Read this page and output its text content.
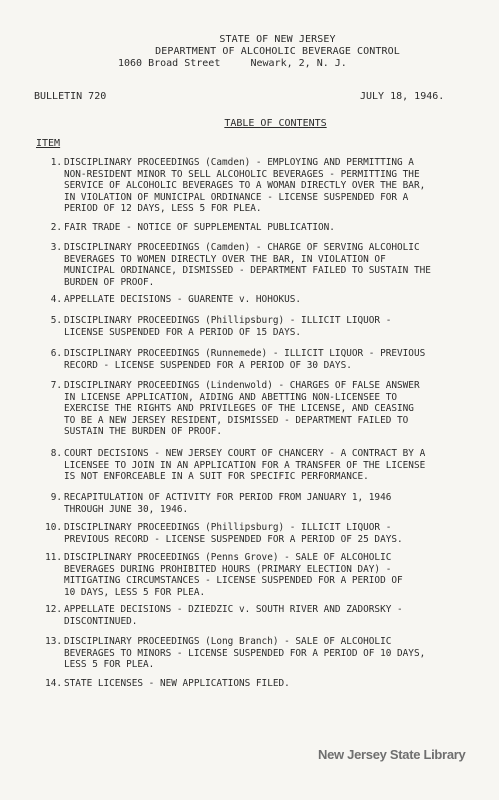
STATE OF NEW JERSEY
DEPARTMENT OF ALCOHOLIC BEVERAGE CONTROL
1060 Broad Street	Newark, 2, N. J.
BULLETIN 720	JULY 18, 1946.
TABLE OF CONTENTS
ITEM
1. DISCIPLINARY PROCEEDINGS (Camden) - EMPLOYING AND PERMITTING A
NON-RESIDENT MINOR TO SELL ALCOHOLIC BEVERAGES - PERMITTING THE
SERVICE OF ALCOHOLIC BEVERAGES TO A WOMAN DIRECTLY OVER THE BAR,
IN VIOLATION OF MUNICIPAL ORDINANCE - LICENSE SUSPENDED FOR A
PERIOD OF 12 DAYS, LESS 5 FOR PLEA.
2. FAIR TRADE - NOTICE OF SUPPLEMENTAL PUBLICATION.
3. DISCIPLINARY PROCEEDINGS (Camden) - CHARGE OF SERVING ALCOHOLIC
BEVERAGES TO WOMEN DIRECTLY OVER THE BAR, IN VIOLATION OF
MUNICIPAL ORDINANCE, DISMISSED - DEPARTMENT FAILED TO SUSTAIN THE
BURDEN OF PROOF.
4. APPELLATE DECISIONS - GUARENTE v. HOHOKUS.
5. DISCIPLINARY PROCEEDINGS (Phillipsburg) - ILLICIT LIQUOR -
LICENSE SUSPENDED FOR A PERIOD OF 15 DAYS.
6. DISCIPLINARY PROCEEDINGS (Runnemede) - ILLICIT LIQUOR - PREVIOUS
RECORD - LICENSE SUSPENDED FOR A PERIOD OF 30 DAYS.
7. DISCIPLINARY PROCEEDINGS (Lindenwold) - CHARGES OF FALSE ANSWER
IN LICENSE APPLICATION, AIDING AND ABETTING NON-LICENSEE TO
EXERCISE THE RIGHTS AND PRIVILEGES OF THE LICENSE, AND CEASING
TO BE A NEW JERSEY RESIDENT, DISMISSED - DEPARTMENT FAILED TO
SUSTAIN THE BURDEN OF PROOF.
8. COURT DECISIONS - NEW JERSEY COURT OF CHANCERY - A CONTRACT BY A
LICENSEE TO JOIN IN AN APPLICATION FOR A TRANSFER OF THE LICENSE
IS NOT ENFORCEABLE IN A SUIT FOR SPECIFIC PERFORMANCE.
9. RECAPITULATION OF ACTIVITY FOR PERIOD FROM JANUARY 1, 1946
THROUGH JUNE 30, 1946.
10. DISCIPLINARY PROCEEDINGS (Phillipsburg) - ILLICIT LIQUOR -
PREVIOUS RECORD - LICENSE SUSPENDED FOR A PERIOD OF 25 DAYS.
11. DISCIPLINARY PROCEEDINGS (Penns Grove) - SALE OF ALCOHOLIC
BEVERAGES DURING PROHIBITED HOURS (PRIMARY ELECTION DAY) -
MITIGATING CIRCUMSTANCES - LICENSE SUSPENDED FOR A PERIOD OF
10 DAYS, LESS 5 FOR PLEA.
12. APPELLATE DECISIONS - DZIEDZIC v. SOUTH RIVER AND ZADORSKY -
DISCONTINUED.
13. DISCIPLINARY PROCEEDINGS (Long Branch) - SALE OF ALCOHOLIC
BEVERAGES TO MINORS - LICENSE SUSPENDED FOR A PERIOD OF 10 DAYS,
LESS 5 FOR PLEA.
14. STATE LICENSES - NEW APPLICATIONS FILED.
New Jersey State Library
